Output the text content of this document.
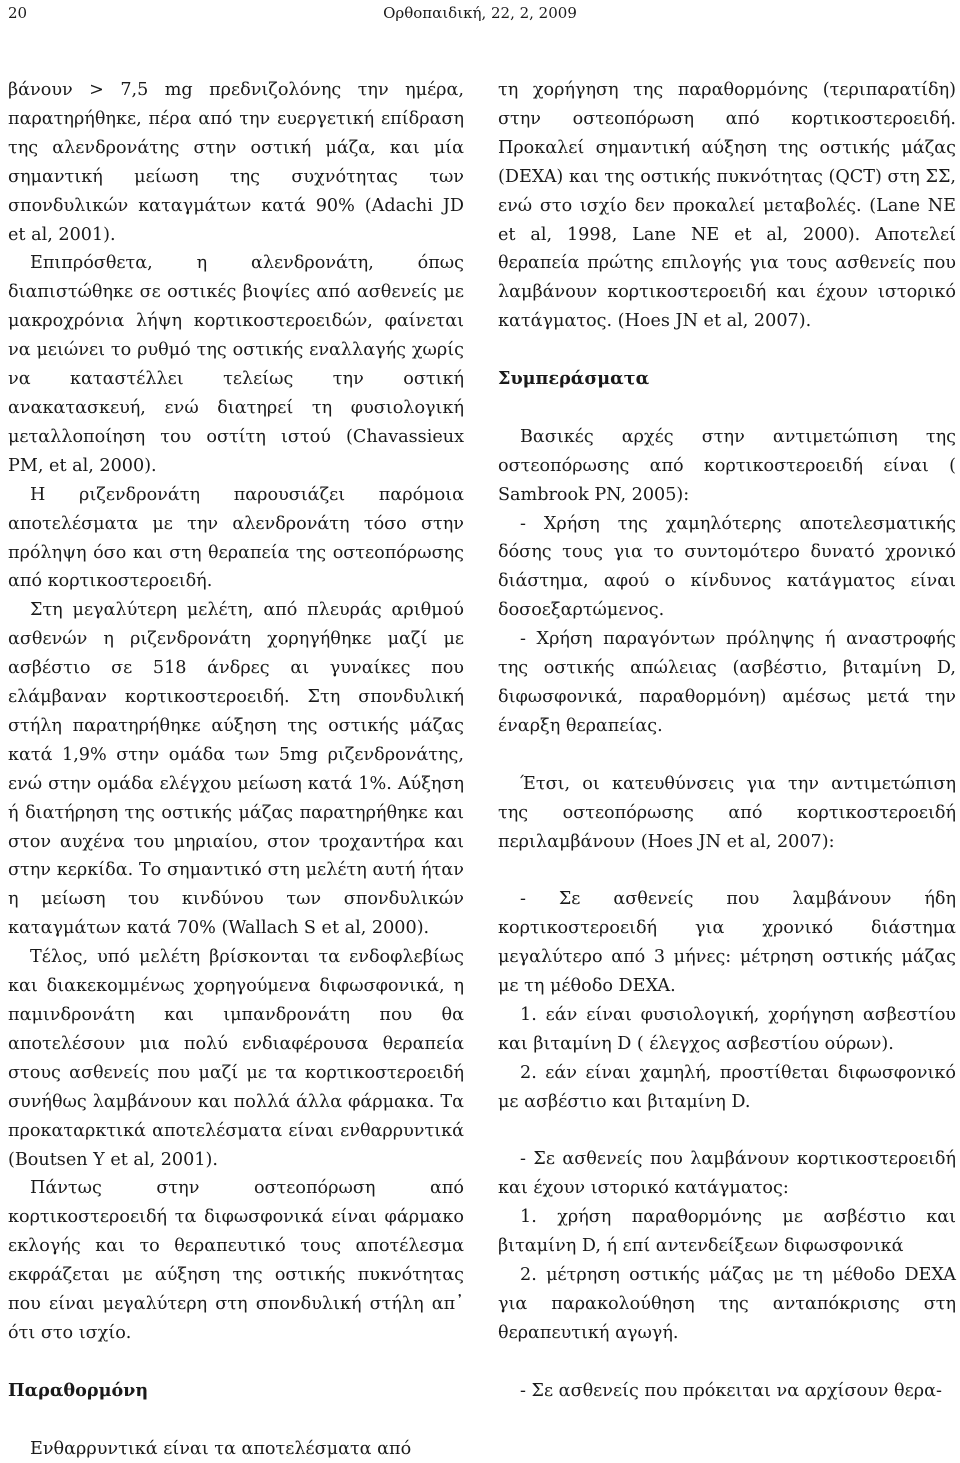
20	Ορθοπαιδική, 22, 2, 2009

βάνουν > 7,5 mg πρεδνιζολόνης την ημέρα, παρατηρήθηκε, πέρα από την ευεργετική επίδραση της αλενδρονάτης στην οστική μάζα, και μία σημαντική μείωση της συχνότητας των σπονδυλικών καταγμάτων κατά 90% (Adachi JD et al, 2001).

Επιπρόσθετα, η αλενδρονάτη, όπως διαπιστώθηκε σε οστικές βιοψίες από ασθενείς με μακροχρόνια λήψη κορτικοστεροειδών, φαίνεται να μειώνει το ρυθμό της οστικής εναλλαγής χωρίς να καταστέλλει τελείως την οστική ανακατασκευή, ενώ διατηρεί τη φυσιολογική μεταλλοποίηση του οστίτη ιστού (Chavassieux PM, et al, 2000).

Η ριζενδρονάτη παρουσιάζει παρόμοια αποτελέσματα με την αλενδρονάτη τόσο στην πρόληψη όσο και στη θεραπεία της οστεοπόρωσης από κορτικοστεροειδή.

Στη μεγαλύτερη μελέτη, από πλευράς αριθμού ασθενών η ριζενδρονάτη χορηγήθηκε μαζί με ασβέστιο σε 518 άνδρες αι γυναίκες που ελάμβαναν κορτικοστεροειδή. Στη σπονδυλική στήλη παρατηρήθηκε αύξηση της οστικής μάζας κατά 1,9% στην ομάδα των 5mg ριζενδρονάτης, ενώ στην ομάδα ελέγχου μείωση κατά 1%. Αύξηση ή διατήρηση της οστικής μάζας παρατηρήθηκε και στον αυχένα του μηριαίου, στον τροχαντήρα και στην κερκίδα. Το σημαντικό στη μελέτη αυτή ήταν η μείωση του κινδύνου των σπονδυλικών καταγμάτων κατά 70% (Wallach S et al, 2000).

Τέλος, υπό μελέτη βρίσκονται τα ενδοφλεβίως και διακεκομμένως χορηγούμενα διφωσφονικά, η παμινδρονάτη και ιμπανδρονάτη που θα αποτελέσουν μια πολύ ενδιαφέρουσα θεραπεία στους ασθενείς που μαζί με τα κορτικοστεροειδή συνήθως λαμβάνουν και πολλά άλλα φάρμακα. Τα προκαταρκτικά αποτελέσματα είναι ενθαρρυντικά (Boutsen Y et al, 2001).

Πάντως στην οστεοπόρωση από κορτικοστεροειδή τα διφωσφονικά είναι φάρμακο εκλογής και το θεραπευτικό τους αποτέλεσμα εκφράζεται με αύξηση της οστικής πυκνότητας που είναι μεγαλύτερη στη σπονδυλική στήλη απ᾽ ότι στο ισχίο.

Παραθορμόνη

Ενθαρρυντικά είναι τα αποτελέσματα από

τη χορήγηση της παραθορμόνης (τεριπαρατίδη) στην οστεοπόρωση από κορτικοστεροειδή. Προκαλεί σημαντική αύξηση της οστικής μάζας (DEXA) και της οστικής πυκνότητας (QCT) στη ΣΣ, ενώ στο ισχίο δεν προκαλεί μεταβολές. (Lane NE et al, 1998, Lane NE et al, 2000). Αποτελεί θεραπεία πρώτης επιλογής για τους ασθενείς που λαμβάνουν κορτικοστεροειδή και έχουν ιστορικό κατάγματος. (Hoes JN et al, 2007).

Συμπεράσματα

Βασικές αρχές στην αντιμετώπιση της οστεοπόρωσης από κορτικοστεροειδή είναι ( Sambrook PN, 2005):

- Χρήση της χαμηλότερης αποτελεσματικής δόσης τους για το συντομότερο δυνατό χρονικό διάστημα, αφού ο κίνδυνος κατάγματος είναι δοσοεξαρτώμενος.

- Χρήση παραγόντων πρόληψης ή αναστροφής της οστικής απώλειας (ασβέστιο, βιταμίνη D, διφωσφονικά, παραθορμόνη) αμέσως μετά την έναρξη θεραπείας.

Έτσι, οι κατευθύνσεις για την αντιμετώπιση της οστεοπόρωσης από κορτικοστεροειδή περιλαμβάνουν (Hoes JN et al, 2007):

- Σε ασθενείς που λαμβάνουν ήδη κορτικοστεροειδή για χρονικό διάστημα μεγαλύτερο από 3 μήνες: μέτρηση οστικής μάζας με τη μέθοδο DEXA.

1. εάν είναι φυσιολογική, χορήγηση ασβεστίου και βιταμίνη D ( έλεγχος ασβεστίου ούρων).

2. εάν είναι χαμηλή, προστίθεται διφωσφονικό με ασβέστιο και βιταμίνη D.

- Σε ασθενείς που λαμβάνουν κορτικοστεροειδή και έχουν ιστορικό κατάγματος:

1. χρήση παραθορμόνης με ασβέστιο και βιταμίνη D, ή επί αντενδείξεων διφωσφονικά

2. μέτρηση οστικής μάζας με τη μέθοδο DEXA για παρακολούθηση της ανταπόκρισης στη θεραπευτική αγωγή.

- Σε ασθενείς που πρόκειται να αρχίσουν θερα-
